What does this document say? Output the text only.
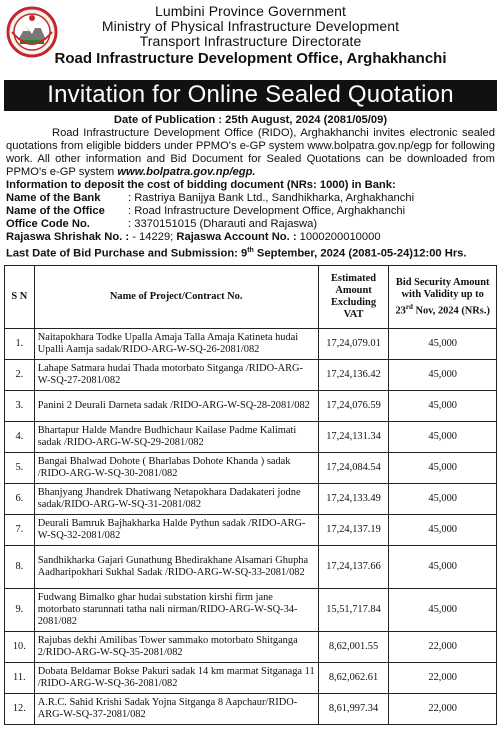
Lumbini Province Government
Ministry of Physical Infrastructure Development
Transport Infrastructure Directorate
Road Infrastructure Development Office, Arghakhanchi
Invitation for Online Sealed Quotation
Date of Publication : 25th August, 2024 (2081/05/09)
Road Infrastructure Development Office (RIDO), Arghakhanchi invites electronic sealed quotations from eligible bidders under PPMO's e-GP system www.bolpatra.gov.np/egp for following work. All other information and Bid Document for Sealed Quotations can be downloaded from PPMO's e-GP system www.bolpatra.gov.np/egp.
Information to deposit the cost of bidding document (NRs: 1000) in Bank:
Name of the Bank	: Rastriya Banijya Bank Ltd., Sandhikharka, Arghakhanchi
Name of the Office	: Road Infrastructure Development Office, Arghakhanchi
Office Code No.	: 3370151015 (Dharauti and Rajaswa)
Rajaswa Shrishak No. : - 14229; Rajaswa Account No. : 1000200010000
Last Date of Bid Purchase and Submission: 9th September, 2024 (2081-05-24)12:00 Hrs.
S N	Name of Project/Contract No.	Estimated Amount Excluding VAT	Bid Security Amount with Validity up to 23rd Nov, 2024 (NRs.)
1.	Naitapokhara Todke Upalla Amaja Talla Amaja Katineta hudai Upalli Aamja sadak/RIDO-ARG-W-SQ-26-2081/082	17,24,079.01	45,000
2.	Lahape Satmara hudai Thada motorbato Sitganga /RIDO-ARG-W-SQ-27-2081/082	17,24,136.42	45,000
3.	Panini 2 Deurali Darneta sadak /RIDO-ARG-W-SQ-28-2081/082	17,24,076.59	45,000
4.	Bhartapur Halde Mandre Budhichaur Kailase Padme Kalimati sadak /RIDO-ARG-W-SQ-29-2081/082	17,24,131.34	45,000
5.	Bangai Bhalwad Dohote ( Bharlabas Dohote Khanda ) sadak /RIDO-ARG-W-SQ-30-2081/082	17,24,084.54	45,000
6.	Bhanjyang Jhandrek Dhatiwang Netapokhara Dadakateri jodne sadak/RIDO-ARG-W-SQ-31-2081/082	17,24,133.49	45,000
7.	Deurali Bamruk Bajhakharka Halde Pythun sadak /RIDO-ARG-W-SQ-32-2081/082	17,24,137.19	45,000
8.	Sandhikharka Gajari Gunathung Bhedirakhane Alsamari Ghupha Aadharipokhari Sukhal Sadak /RIDO-ARG-W-SQ-33-2081/082	17,24,137.66	45,000
9.	Fudwang Bimalko ghar hudai substation kirshi firm jane motorbato starunnati tatha nali nirman/RIDO-ARG-W-SQ-34-2081/082	15,51,717.84	45,000
10.	Rajubas dekhi Amilibas Tower sammako motorbato Shitganga 2/RIDO-ARG-W-SQ-35-2081/082	8,62,001.55	22,000
11.	Dobata Beldamar Bokse Pakuri sadak 14 km marmat Sitganaga 11 /RIDO-ARG-W-SQ-36-2081/082	8,62,062.61	22,000
12.	A.R.C. Sahid Krishi Sadak Yojna Sitganga 8 Aapchaur/RIDO-ARG-W-SQ-37-2081/082	8,61,997.34	22,000
